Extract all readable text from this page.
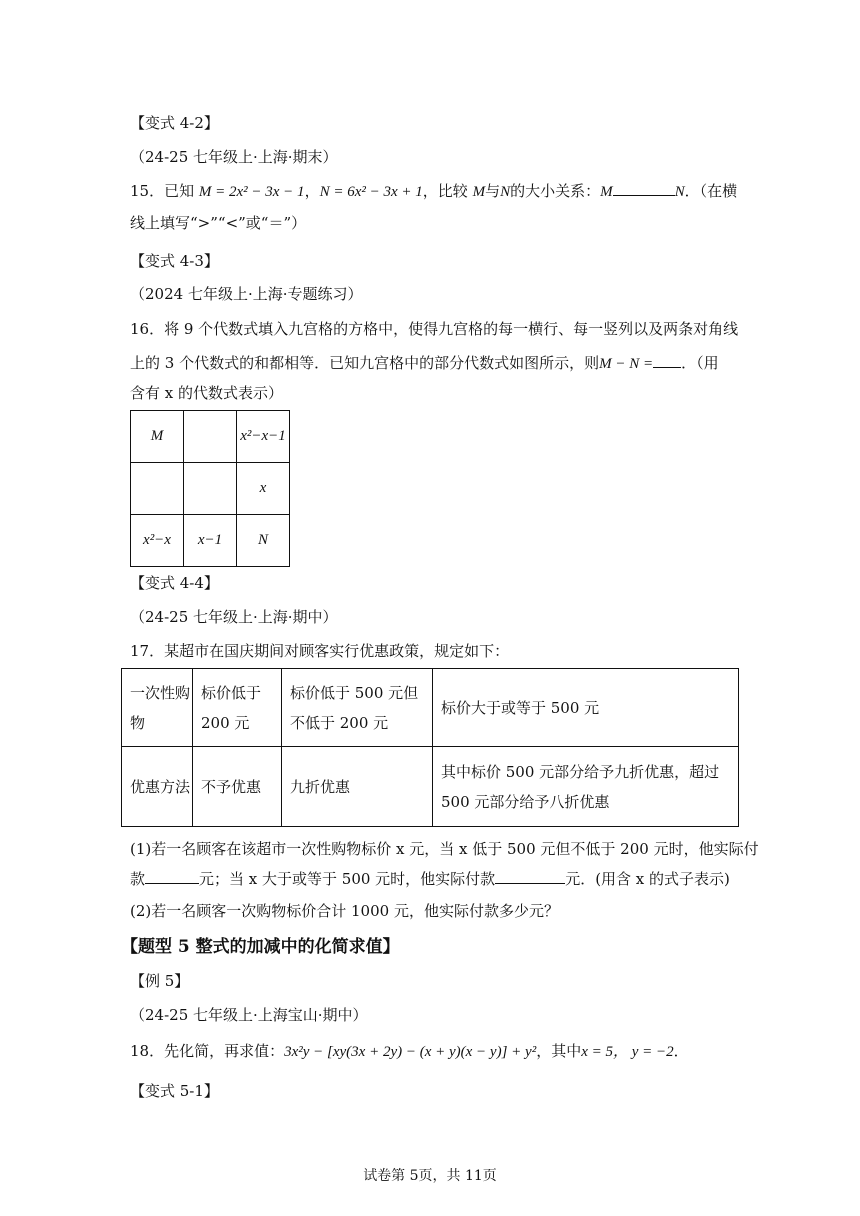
【变式 4-2】
（24-25 七年级上·上海·期末）
15．已知 M = 2x² − 3x − 1，N = 6x² − 3x + 1，比较 M与N的大小关系：M	N．（在横
线上填写“>”“<”或“＝”）
【变式 4-3】
（2024 七年级上·上海·专题练习）
16．将 9 个代数式填入九宫格的方格中，使得九宫格的每一横行、每一竖列以及两条对角线
上的 3 个代数式的和都相等．已知九宫格中的部分代数式如图所示，则M − N = ．（用
含有 x 的代数式表示）
M		x²−x−1
		x
x²−x	x−1	N
【变式 4-4】
（24-25 七年级上·上海·期中）
17．某超市在国庆期间对顾客实行优惠政策，规定如下：
一次性购物	标价低于 200 元	标价低于 500 元但不低于 200 元	标价大于或等于 500 元
优惠方法	不予优惠	九折优惠	其中标价 500 元部分给予九折优惠，超过 500 元部分给予八折优惠
(1)若一名顾客在该超市一次性购物标价 x 元，当 x 低于 500 元但不低于 200 元时，他实际付
款	元；当 x 大于或等于 500 元时，他实际付款	元．(用含 x 的式子表示)
(2)若一名顾客一次购物标价合计 1000 元，他实际付款多少元？
【题型 5 整式的加减中的化简求值】
【例 5】
（24-25 七年级上·上海宝山·期中）
18．先化简，再求值：3x²y − [xy(3x + 2y) − (x + y)(x − y)] + y²，其中x = 5， y = −2．
【变式 5-1】
试卷第 5页，共 11页
